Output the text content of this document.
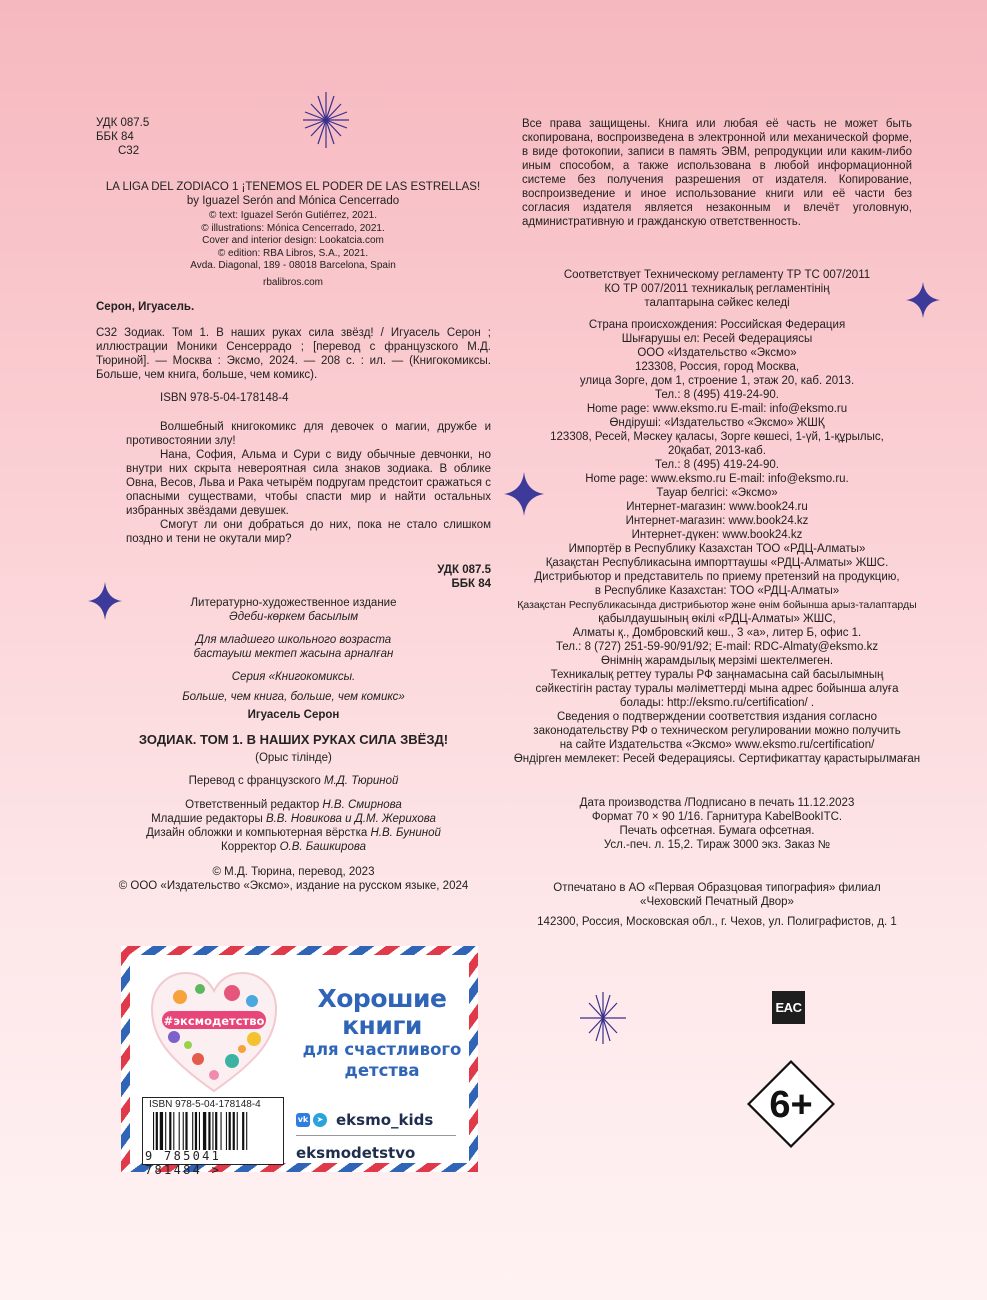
УДК 087.5
ББК 84
С32
LA LIGA DEL ZODIACO 1 ¡TENEMOS EL PODER DE LAS ESTRELLAS!
by Iguazel Serón and Mónica Cencerrado
© text: Iguazel Serón Gutiérrez, 2021.
© illustrations: Mónica Cencerrado, 2021.
Cover and interior design: Lookatcia.com
© edition: RBA Libros, S.A., 2021.
Avda. Diagonal, 189 - 08018 Barcelona, Spain
rbalibros.com
Серон, Игуасель.
С32 Зодиак. Том 1. В наших руках сила звёзд! / Игуасель Серон ; иллюстрации Моники Сенсеррадо ; [перевод с французского М.Д. Тюриной]. — Москва : Эксмо, 2024. — 208 с. : ил. — (Книгокомиксы. Больше, чем книга, больше, чем комикс).
ISBN 978-5-04-178148-4
Волшебный книгокомикс для девочек о магии, дружбе и противостоянии злу!
Нана, София, Альма и Сури с виду обычные девчонки, но внутри них скрыта невероятная сила знаков зодиака. В облике Овна, Весов, Льва и Рака четырём подругам предстоит сражаться с опасными существами, чтобы спасти мир и найти остальных избранных звёздами девушек.
Смогут ли они добраться до них, пока не стало слишком поздно и тени не окутали мир?
УДК 087.5
ББК 84
Литературно-художественное издание
Әдеби-көркем басылым
Для младшего школьного возраста
бастауыш мектеп жасына арналған
Серия «Книгокомиксы.
Больше, чем книга, больше, чем комикс»
Игуасель Серон
ЗОДИАК. ТОМ 1. В НАШИХ РУКАХ СИЛА ЗВЁЗД!
(Орыс тілінде)
Перевод с французского М.Д. Тюриной
Ответственный редактор Н.В. Смирнова
Младшие редакторы В.В. Новикова и Д.М. Жерихова
Дизайн обложки и компьютерная вёрстка Н.В. Буниной
Корректор О.В. Башкирова
© М.Д. Тюрина, перевод, 2023
© ООО «Издательство «Эксмо», издание на русском языке, 2024
Все права защищены. Книга или любая её часть не может быть скопирована, воспроизведена в электронной или механической форме, в виде фотокопии, записи в память ЭВМ, репродукции или каким-либо иным способом, а также использована в любой информационной системе без получения разрешения от издателя. Копирование, воспроизведение и иное использование книги или её части без согласия издателя является незаконным и влечёт уголовную, административную и гражданскую ответственность.
Соответствует Техническому регламенту ТР ТС 007/2011
КО ТР 007/2011 техникалық регламентінің
талаптарына сәйкес келеді
Страна происхождения: Российская Федерация
Шығарушы ел: Ресей Федерациясы
ООО «Издательство «Эксмо»
123308, Россия, город Москва,
улица Зорге, дом 1, строение 1, этаж 20, каб. 2013.
Тел.: 8 (495) 419-24-90.
Home page: www.eksmo.ru E-mail: info@eksmo.ru
Өндіруші: «Издательство «Эксмо» ЖШҚ
123308, Ресей, Мәскеу қаласы, Зорге көшесі, 1-үй, 1-құрылыс,
20қабат, 2013-каб.
Тел.: 8 (495) 419-24-90.
Home page: www.eksmo.ru E-mail: info@eksmo.ru.
Тауар белгісі: «Эксмо»
Интернет-магазин: www.book24.ru
Интернет-магазин: www.book24.kz
Интернет-дүкен: www.book24.kz
Импортёр в Республику Казахстан ТОО «РДЦ-Алматы»
Қазақстан Республикасына импорттаушы «РДЦ-Алматы» ЖШС.
Дистрибьютор и представитель по приему претензий на продукцию,
в Республике Казахстан: ТОО «РДЦ-Алматы»
Қазақстан Республикасында дистрибьютор және өнім бойынша арыз-талаптарды
қабылдаушының өкілі «РДЦ-Алматы» ЖШС,
Алматы қ., Домбровский көш., 3 «а», литер Б, офис 1.
Тел.: 8 (727) 251-59-90/91/92; E-mail: RDC-Almaty@eksmo.kz
Өнімнің жарамдылық мерзімі шектелмеген.
Техникалық реттеу туралы РФ заңнамасына сай басылымның
сәйкестігін растау туралы мәліметтерді мына адрес бойынша алуға
болады: http://eksmo.ru/certification/ .
Сведения о подтверждении соответствия издания согласно
законодательству РФ о техническом регулировании можно получить
на сайте Издательства «Эксмо» www.eksmo.ru/certification/
Өндірген мемлекет: Ресей Федерациясы. Сертификаттау қарастырылмаған
Дата производства /Подписано в печать 11.12.2023
Формат 70 × 90 1/16. Гарнитура KabelBookITC.
Печать офсетная. Бумага офсетная.
Усл.-печ. л. 15,2. Тираж 3000 экз. Заказ №
Отпечатано в АО «Первая Образцовая типография» филиал
«Чеховский Печатный Двор»
142300, Россия, Московская обл., г. Чехов, ул. Полиграфистов, д. 1
#эксмодетство
Хорошие
книги
для счастливого
детства
ISBN 978-5-04-178148-4
9 785041 781484 >
vk	➤ eksmo_kids
eksmodetstvo
EAC
6+
